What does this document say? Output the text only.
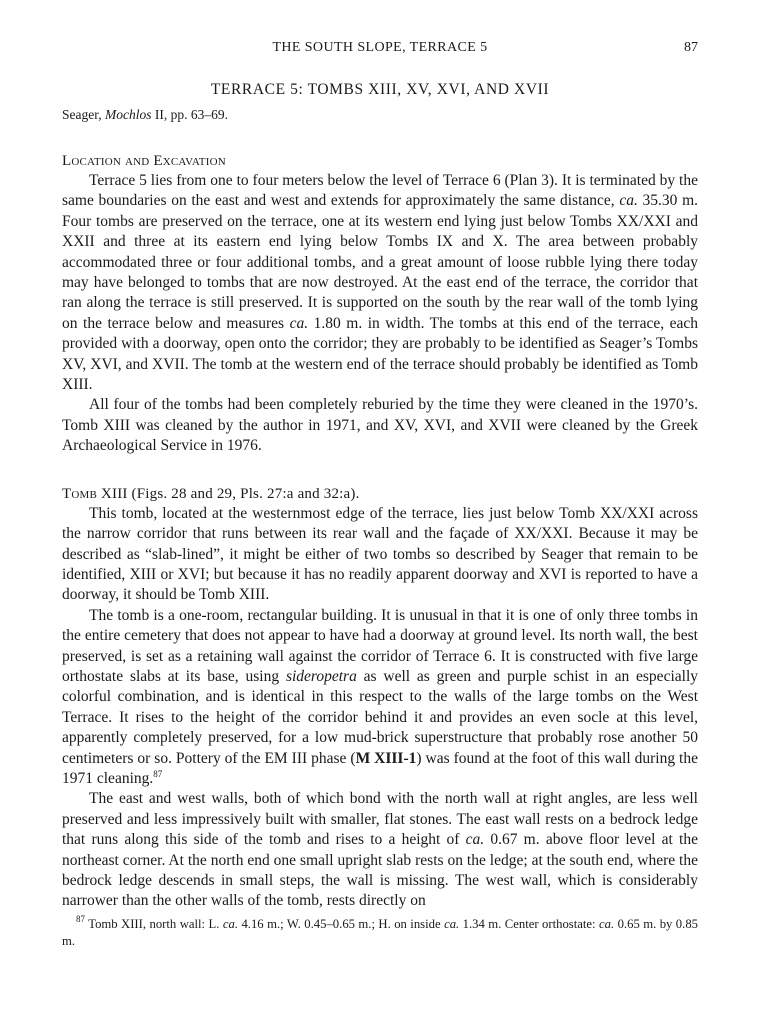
THE SOUTH SLOPE, TERRACE 5	87
TERRACE 5: TOMBS XIII, XV, XVI, AND XVII
Seager, Mochlos II, pp. 63–69.
Location and Excavation

Terrace 5 lies from one to four meters below the level of Terrace 6 (Plan 3). It is terminated by the same boundaries on the east and west and extends for approximately the same distance, ca. 35.30 m. Four tombs are preserved on the terrace, one at its western end lying just below Tombs XX/XXI and XXII and three at its eastern end lying below Tombs IX and X. The area between probably accommodated three or four additional tombs, and a great amount of loose rubble lying there today may have belonged to tombs that are now destroyed. At the east end of the terrace, the corridor that ran along the terrace is still preserved. It is supported on the south by the rear wall of the tomb lying on the terrace below and measures ca. 1.80 m. in width. The tombs at this end of the terrace, each provided with a doorway, open onto the corridor; they are probably to be identified as Seager’s Tombs XV, XVI, and XVII. The tomb at the western end of the terrace should probably be identified as Tomb XIII.

All four of the tombs had been completely reburied by the time they were cleaned in the 1970’s. Tomb XIII was cleaned by the author in 1971, and XV, XVI, and XVII were cleaned by the Greek Archaeological Service in 1976.

Tomb XIII (Figs. 28 and 29, Pls. 27:a and 32:a).

This tomb, located at the westernmost edge of the terrace, lies just below Tomb XX/XXI across the narrow corridor that runs between its rear wall and the façade of XX/XXI. Because it may be described as “slab-lined”, it might be either of two tombs so described by Seager that remain to be identified, XIII or XVI; but because it has no readily apparent doorway and XVI is reported to have a doorway, it should be Tomb XIII.

The tomb is a one-room, rectangular building. It is unusual in that it is one of only three tombs in the entire cemetery that does not appear to have had a doorway at ground level. Its north wall, the best preserved, is set as a retaining wall against the corridor of Terrace 6. It is constructed with five large orthostate slabs at its base, using sideropetra as well as green and purple schist in an especially colorful combination, and is identical in this respect to the walls of the large tombs on the West Terrace. It rises to the height of the corridor behind it and provides an even socle at this level, apparently completely preserved, for a low mud-brick superstructure that probably rose another 50 centimeters or so. Pottery of the EM III phase (M XIII-1) was found at the foot of this wall during the 1971 cleaning.$^{87}$

The east and west walls, both of which bond with the north wall at right angles, are less well preserved and less impressively built with smaller, flat stones. The east wall rests on a bedrock ledge that runs along this side of the tomb and rises to a height of ca. 0.67 m. above floor level at the northeast corner. At the north end one small upright slab rests on the ledge; at the south end, where the bedrock ledge descends in small steps, the wall is missing. The west wall, which is considerably narrower than the other walls of the tomb, rests directly on

$^{87}$ Tomb XIII, north wall: L. ca. 4.16 m.; W. 0.45–0.65 m.; H. on inside ca. 1.34 m. Center orthostate: ca. 0.65 m. by 0.85 m.
